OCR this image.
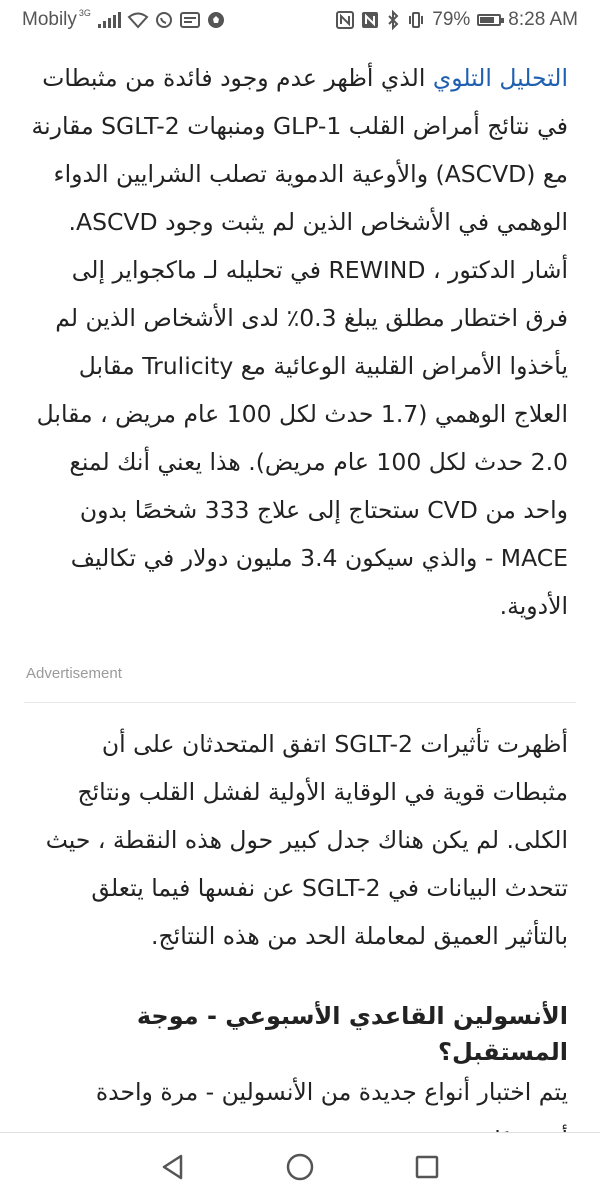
Mobily 3G	79% 8:28 AM

التحليل التلوي الذي أظهر عدم وجود فائدة من مثبطات في نتائج أمراض القلب GLP-1 ومنبهات SGLT-2 مقارنة مع (ASCVD) والأوعية الدموية تصلب الشرايين الدواء الوهمي في الأشخاص الذين لم يثبت وجود ASCVD. أشار الدكتور ، REWIND في تحليله لـ ماكجواير إلى فرق اختطار مطلق يبلغ 0.3٪ لدى الأشخاص الذين لم يأخذوا الأمراض القلبية الوعائية مع Trulicity مقابل العلاج الوهمي (1.7 حدث لكل 100 عام مريض ، مقابل 2.0 حدث لكل 100 عام مريض). هذا يعني أنك لمنع واحد من CVD ستحتاج إلى علاج 333 شخصًا بدون MACE - والذي سيكون 3.4 مليون دولار في تكاليف الأدوية.

Advertisement

أظهرت تأثيرات SGLT-2 اتفق المتحدثان على أن مثبطات قوية في الوقاية الأولية لفشل القلب ونتائج الكلى. لم يكن هناك جدل كبير حول هذه النقطة ، حيث تتحدث البيانات في SGLT-2 عن نفسها فيما يتعلق بالتأثير العميق لمعاملة الحد من هذه النتائج.

الأنسولين القاعدي الأسبوعي - موجة المستقبل؟

يتم اختبار أنواع جديدة من الأنسولين - مرة واحدة
